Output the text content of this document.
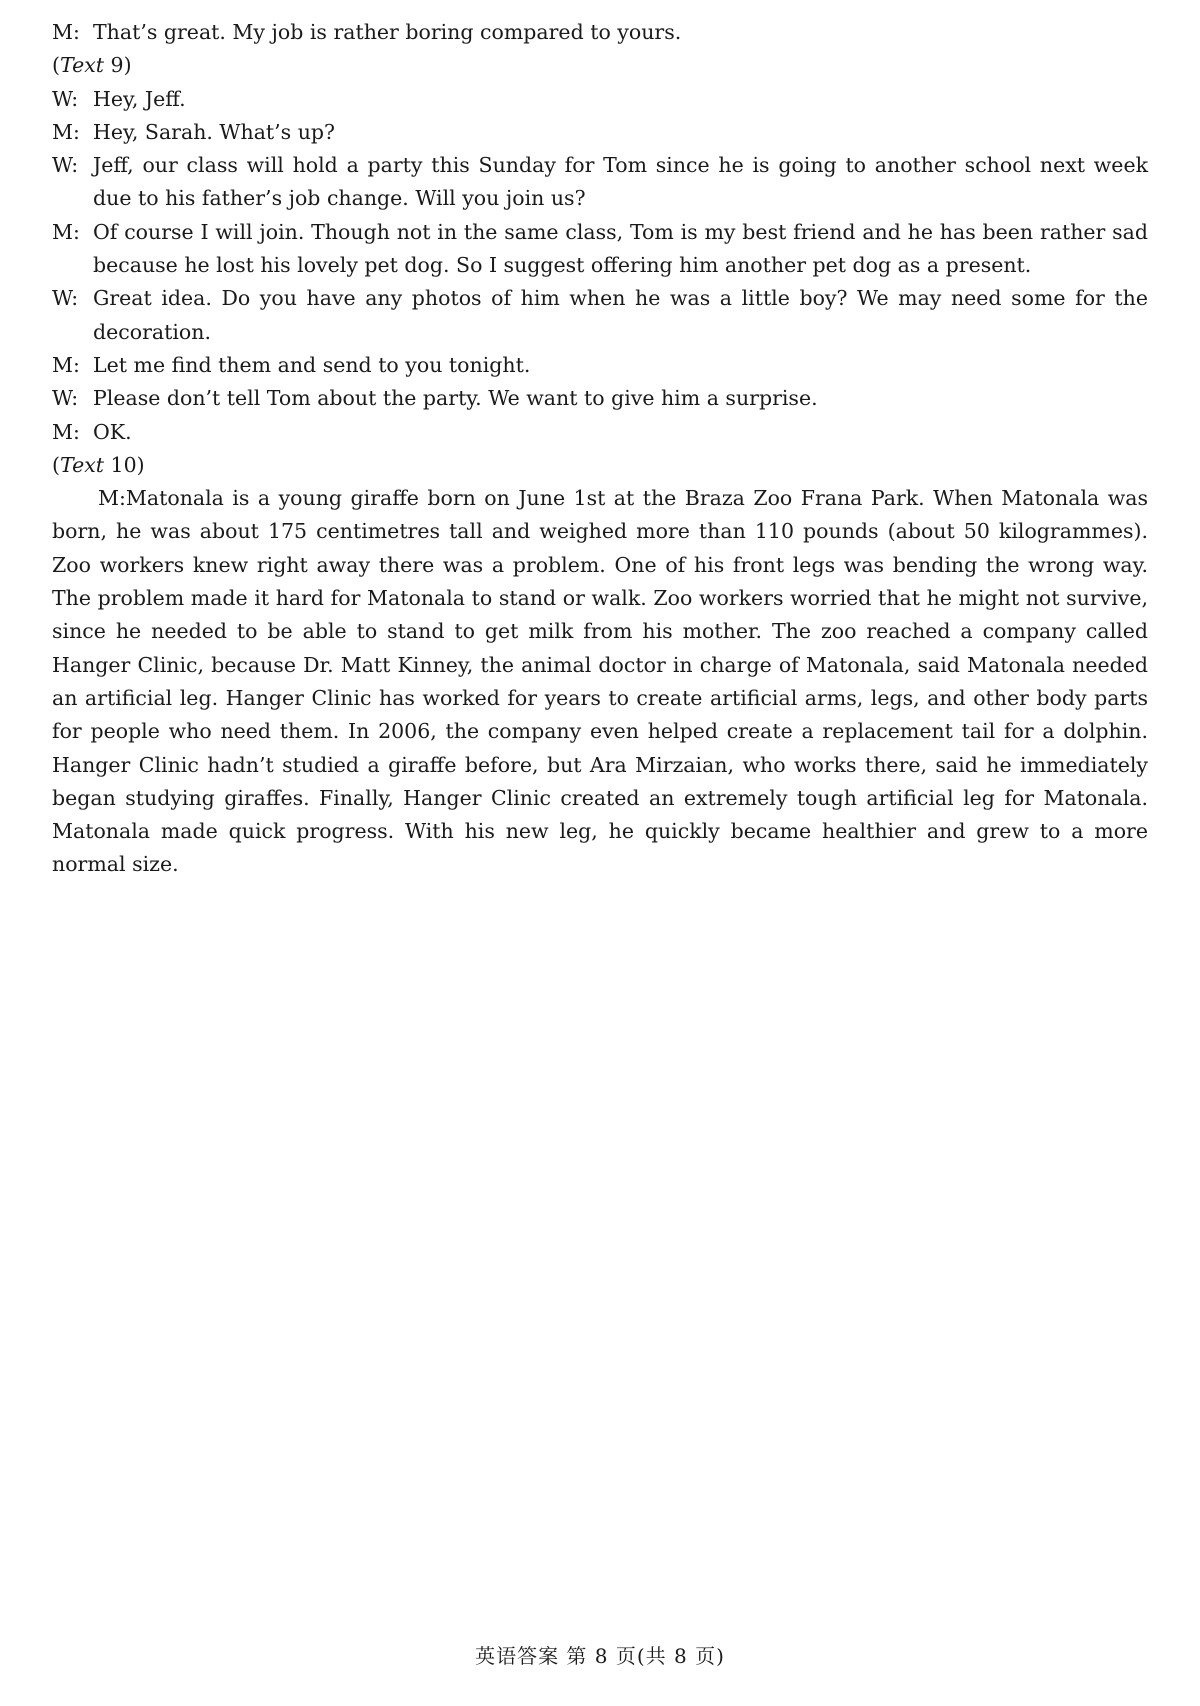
M: That’s great. My job is rather boring compared to yours.
(Text 9)
W: Hey, Jeff.
M: Hey, Sarah. What’s up?
W: Jeff, our class will hold a party this Sunday for Tom since he is going to another school next week due to his father’s job change. Will you join us?
M: Of course I will join. Though not in the same class, Tom is my best friend and he has been rather sad because he lost his lovely pet dog. So I suggest offering him another pet dog as a present.
W: Great idea. Do you have any photos of him when he was a little boy? We may need some for the decoration.
M: Let me find them and send to you tonight.
W: Please don’t tell Tom about the party. We want to give him a surprise.
M: OK.
(Text 10)
M:Matonala is a young giraffe born on June 1st at the Braza Zoo Frana Park. When Matonala was born, he was about 175 centimetres tall and weighed more than 110 pounds (about 50 kilogrammes). Zoo workers knew right away there was a problem. One of his front legs was bending the wrong way. The problem made it hard for Matonala to stand or walk. Zoo workers worried that he might not survive, since he needed to be able to stand to get milk from his mother. The zoo reached a company called Hanger Clinic, because Dr. Matt Kinney, the animal doctor in charge of Matonala, said Matonala needed an artificial leg. Hanger Clinic has worked for years to create artificial arms, legs, and other body parts for people who need them. In 2006, the company even helped create a replacement tail for a dolphin. Hanger Clinic hadn’t studied a giraffe before, but Ara Mirzaian, who works there, said he immediately began studying giraffes. Finally, Hanger Clinic created an extremely tough artificial leg for Matonala. Matonala made quick progress. With his new leg, he quickly became healthier and grew to a more normal size.
英语答案 第 8 页(共 8 页)
